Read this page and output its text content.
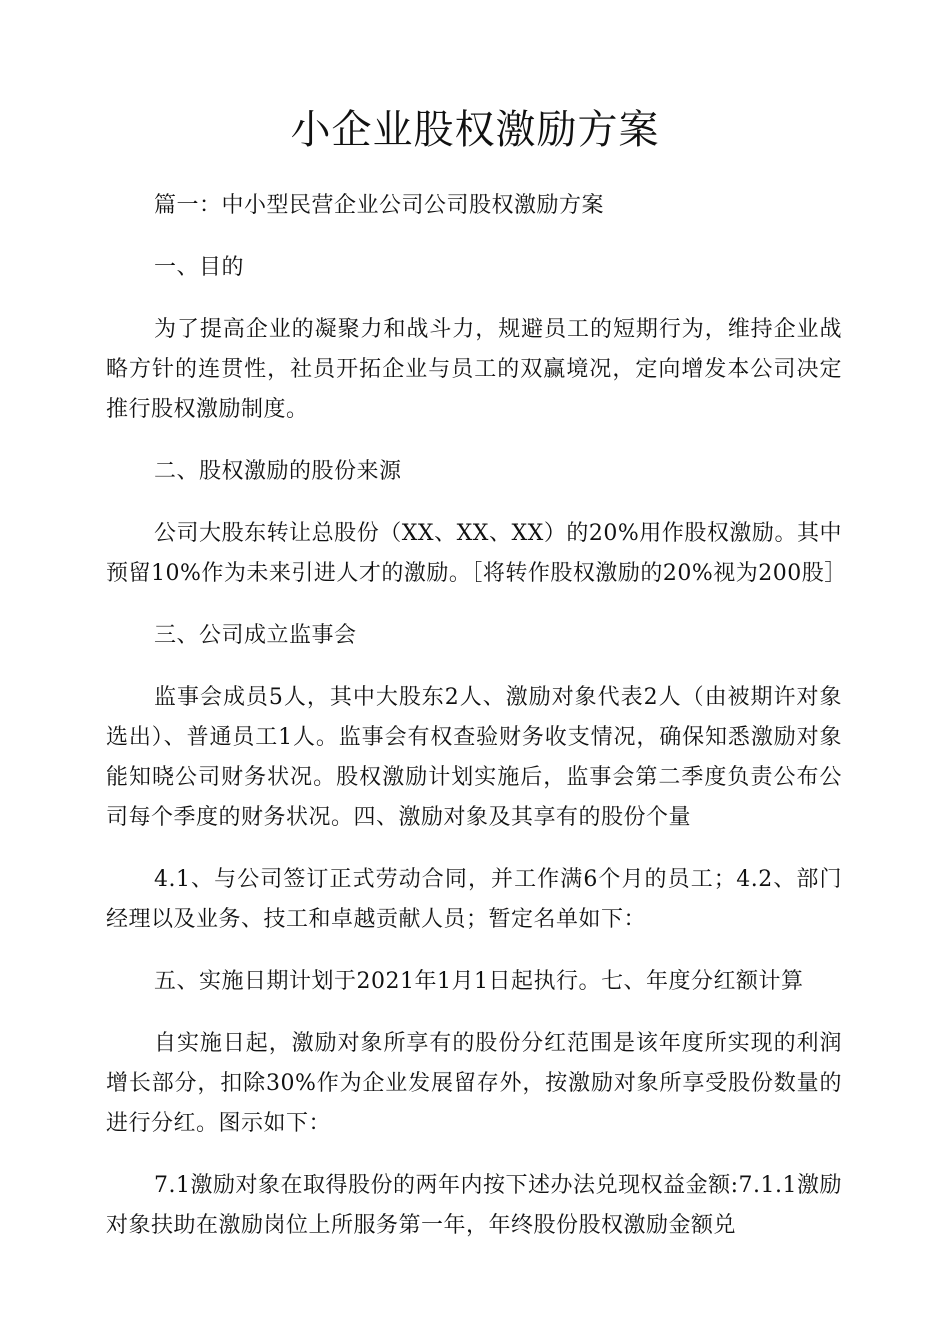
小企业股权激励方案

篇一：中小型民营企业公司公司股权激励方案

一、目的

为了提高企业的凝聚力和战斗力，规避员工的短期行为，维持企业战略方针的连贯性，社员开拓企业与员工的双赢境况，定向增发本公司决定推行股权激励制度。

二、股权激励的股份来源

公司大股东转让总股份（XX、XX、XX）的20%用作股权激励。其中预留10%作为未来引进人才的激励。［将转作股权激励的20%视为200股］

三、公司成立监事会

监事会成员5人，其中大股东2人、激励对象代表2人（由被期许对象选出）、普通员工1人。监事会有权查验财务收支情况，确保知悉激励对象能知晓公司财务状况。股权激励计划实施后，监事会第二季度负责公布公司每个季度的财务状况。四、激励对象及其享有的股份个量

4.1、与公司签订正式劳动合同，并工作满6个月的员工；4.2、部门经理以及业务、技工和卓越贡献人员；暂定名单如下：

五、实施日期计划于2021年1月1日起执行。七、年度分红额计算

自实施日起，激励对象所享有的股份分红范围是该年度所实现的利润增长部分，扣除30%作为企业发展留存外，按激励对象所享受股份数量的进行分红。图示如下：

7.1激励对象在取得股份的两年内按下述办法兑现权益金额:7.1.1激励对象扶助在激励岗位上所服务第一年，年终股份股权激励金额兑
